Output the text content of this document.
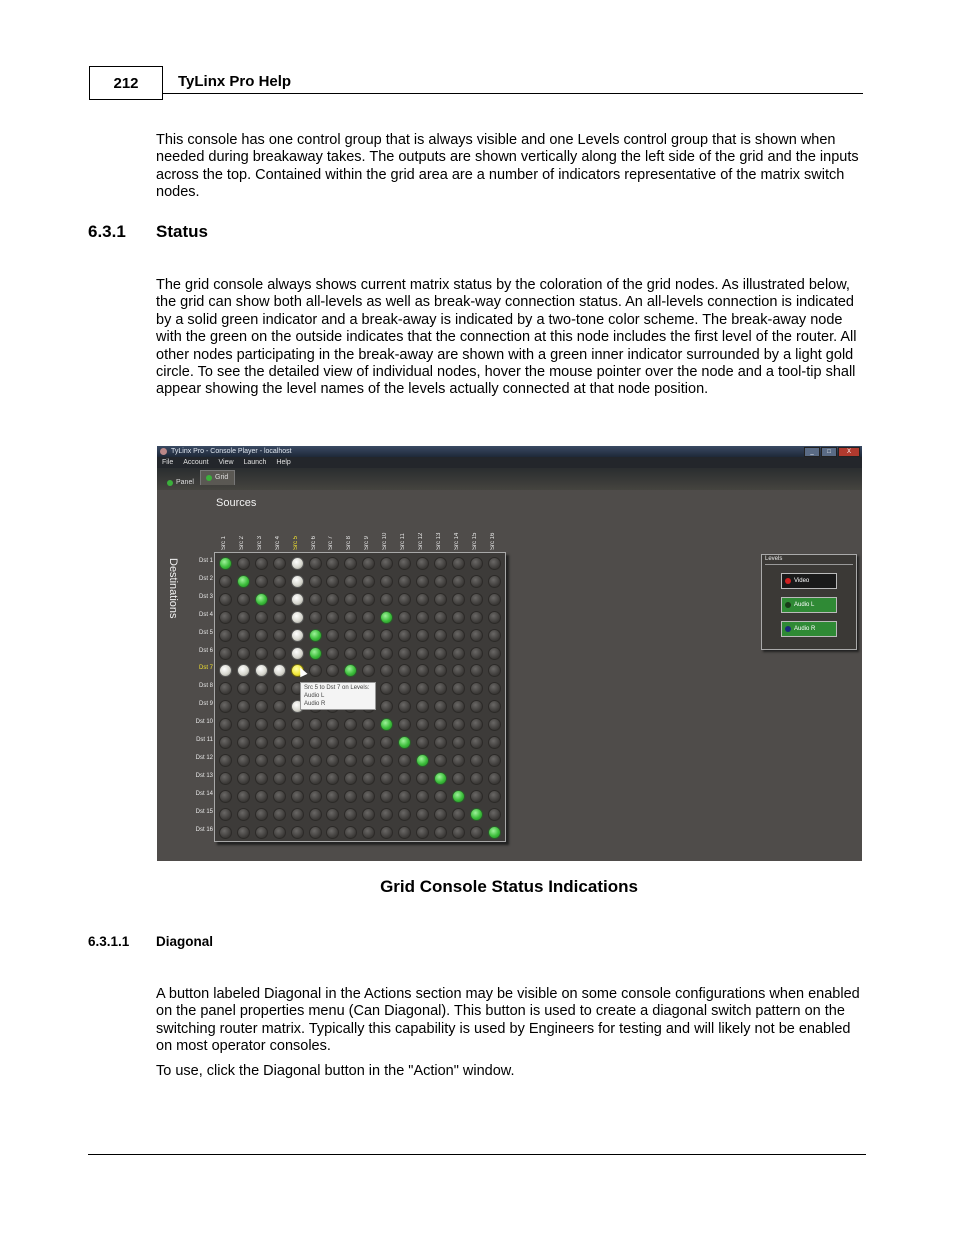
212	TyLinx Pro Help

This console has one control group that is always visible and one Levels control group that is shown when needed during breakaway takes. The outputs are shown vertically along the left side of the grid and the inputs across the top. Contained within the grid area are a number of indicators representative of the matrix switch nodes.

6.3.1 Status

The grid console always shows current matrix status by the coloration of the grid nodes. As illustrated below, the grid can show both all-levels as well as break-way connection status. An all-levels connection is indicated by a solid green indicator and a break-away is indicated by a two-tone color scheme. The break-away node with the green on the outside indicates that the connection at this node includes the first level of the router. All other nodes participating in the break-away are shown with a green inner indicator surrounded by a light gold circle. To see the detailed view of individual nodes, hover the mouse pointer over the node and a tool-tip shall appear showing the level names of the levels actually connected at that node position.

TyLinx Pro - Console Player - localhost	_	□	X
File Account View Launch Help
Panel
Grid
Sources
Destinations
Src 1	Src 2	Src 3	Src 4	Src 5	Src 6	Src 7	Src 8	Src 9	Src 10	Src 11	Src 12	Src 13	Src 14	Src 15	Src 16
Dst 1
Dst 2
Dst 3
Dst 4
Dst 5
Dst 6
Dst 7
Dst 8
Dst 9
Dst 10
Dst 11
Dst 12
Dst 13
Dst 14
Dst 15
Dst 16
Src 5 to Dst 7 on Levels:
Audio L
Audio R
Levels
Video
Audio L
Audio R
Grid Console Status Indications
6.3.1.1 Diagonal

A button labeled Diagonal in the Actions section may be visible on some console configurations when enabled on the panel properties menu (Can Diagonal). This button is used to create a diagonal switch pattern on the switching router matrix. Typically this capability is used by Engineers for testing and will likely not be enabled on most operator consoles.

To use, click the Diagonal button in the "Action" window.
